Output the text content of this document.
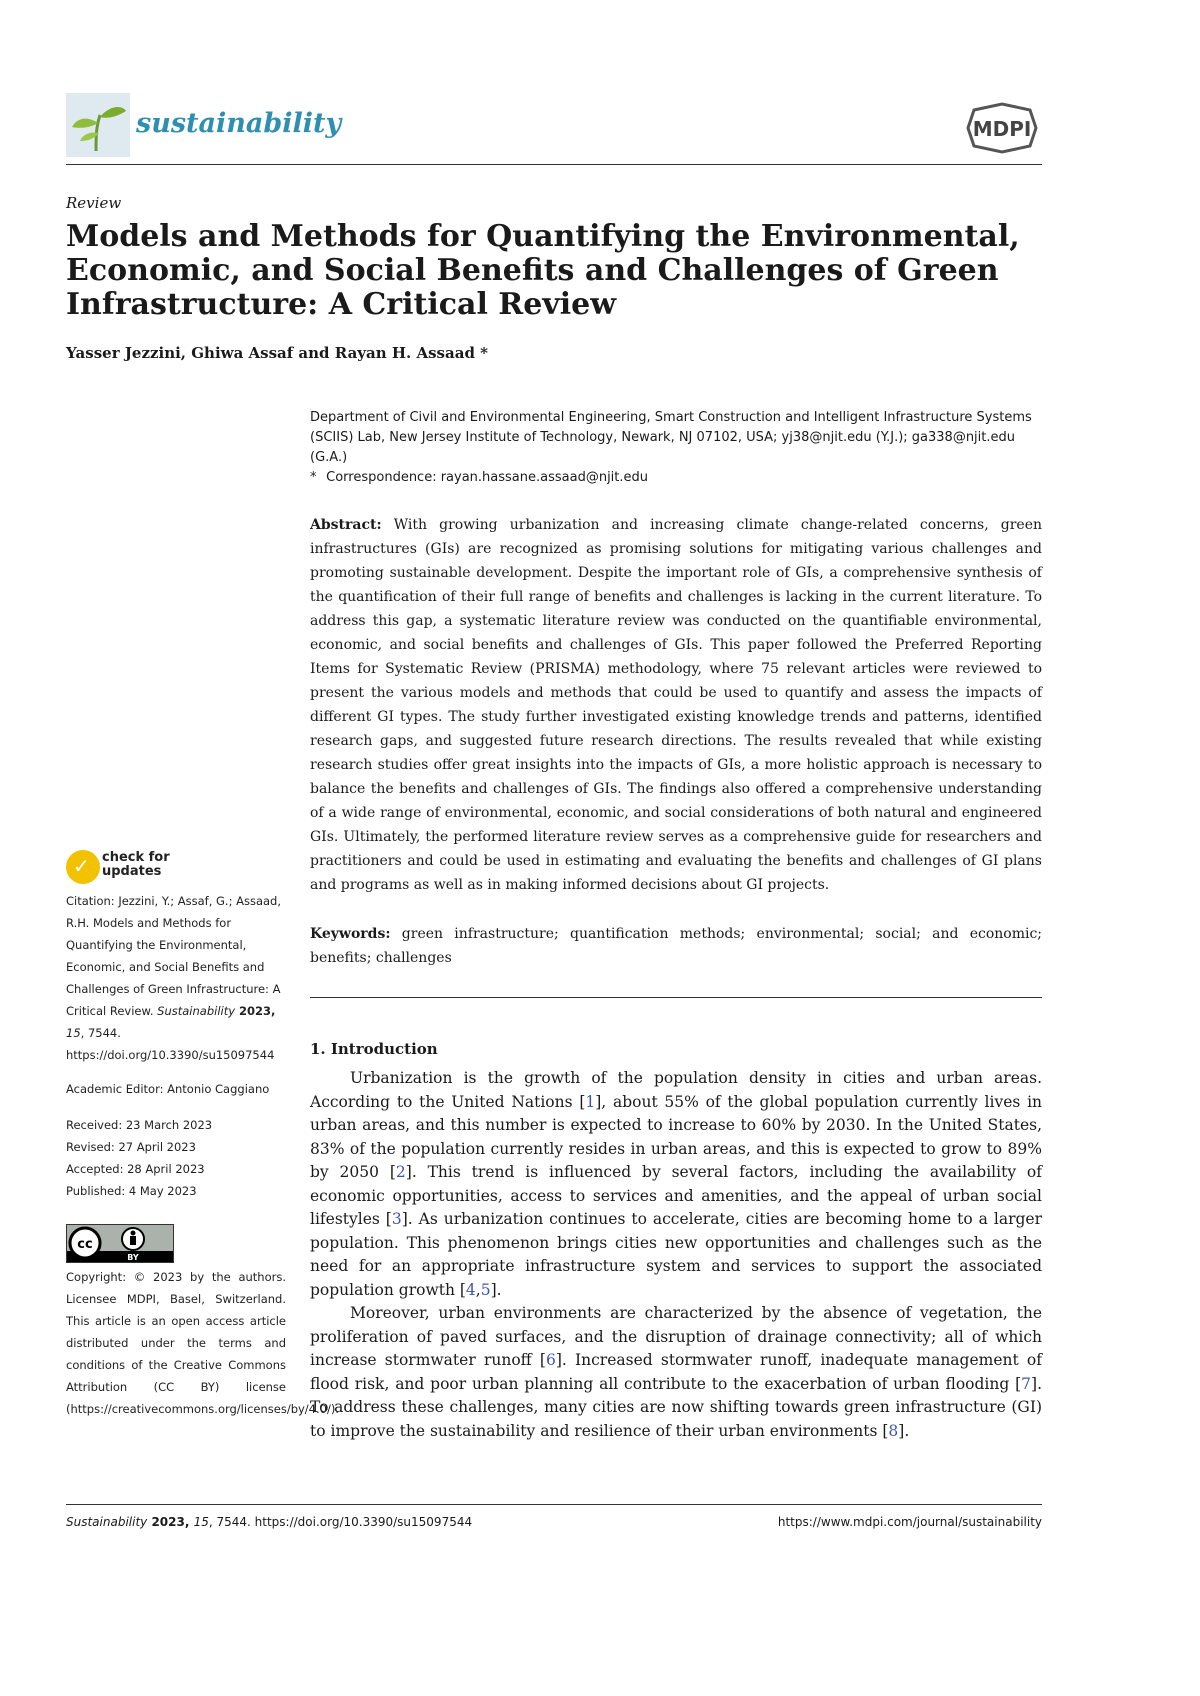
sustainability	MDPI
Review
Models and Methods for Quantifying the Environmental, Economic, and Social Benefits and Challenges of Green Infrastructure: A Critical Review
Yasser Jezzini, Ghiwa Assaf and Rayan H. Assaad *

Department of Civil and Environmental Engineering, Smart Construction and Intelligent Infrastructure Systems (SCIIS) Lab, New Jersey Institute of Technology, Newark, NJ 07102, USA; yj38@njit.edu (Y.J.); ga338@njit.edu (G.A.)

* Correspondence: rayan.hassane.assaad@njit.edu

Abstract: With growing urbanization and increasing climate change-related concerns, green infrastructures (GIs) are recognized as promising solutions for mitigating various challenges and promoting sustainable development. Despite the important role of GIs, a comprehensive synthesis of the quantification of their full range of benefits and challenges is lacking in the current literature. To address this gap, a systematic literature review was conducted on the quantifiable environmental, economic, and social benefits and challenges of GIs. This paper followed the Preferred Reporting Items for Systematic Review (PRISMA) methodology, where 75 relevant articles were reviewed to present the various models and methods that could be used to quantify and assess the impacts of different GI types. The study further investigated existing knowledge trends and patterns, identified research gaps, and suggested future research directions. The results revealed that while existing research studies offer great insights into the impacts of GIs, a more holistic approach is necessary to balance the benefits and challenges of GIs. The findings also offered a comprehensive understanding of a wide range of environmental, economic, and social considerations of both natural and engineered GIs. Ultimately, the performed literature review serves as a comprehensive guide for researchers and practitioners and could be used in estimating and evaluating the benefits and challenges of GI plans and programs as well as in making informed decisions about GI projects.
Keywords: green infrastructure; quantification methods; environmental; social; and economic; benefits; challenges
1. Introduction

Urbanization is the growth of the population density in cities and urban areas. According to the United Nations [1], about 55% of the global population currently lives in urban areas, and this number is expected to increase to 60% by 2030. In the United States, 83% of the population currently resides in urban areas, and this is expected to grow to 89% by 2050 [2]. This trend is influenced by several factors, including the availability of economic opportunities, access to services and amenities, and the appeal of urban social lifestyles [3]. As urbanization continues to accelerate, cities are becoming home to a larger population. This phenomenon brings cities new opportunities and challenges such as the need for an appropriate infrastructure system and services to support the associated population growth [4,5].

Moreover, urban environments are characterized by the absence of vegetation, the proliferation of paved surfaces, and the disruption of drainage connectivity; all of which increase stormwater runoff [6]. Increased stormwater runoff, inadequate management of flood risk, and poor urban planning all contribute to the exacerbation of urban flooding [7]. To address these challenges, many cities are now shifting towards green infrastructure (GI) to improve the sustainability and resilience of their urban environments [8].

✓ check for updates

Citation: Jezzini, Y.; Assaf, G.; Assaad, R.H. Models and Methods for Quantifying the Environmental, Economic, and Social Benefits and Challenges of Green Infrastructure: A Critical Review. Sustainability 2023, 15, 7544. https://doi.org/10.3390/su15097544

Academic Editor: Antonio Caggiano

Received: 23 March 2023

Revised: 27 April 2023

Accepted: 28 April 2023

Published: 4 May 2023

cc
BY
Copyright: © 2023 by the authors. Licensee MDPI, Basel, Switzerland. This article is an open access article distributed under the terms and conditions of the Creative Commons Attribution (CC BY) license (https://creativecommons.org/licenses/by/4.0/).
Sustainability 2023, 15, 7544. https://doi.org/10.3390/su15097544	https://www.mdpi.com/journal/sustainability
